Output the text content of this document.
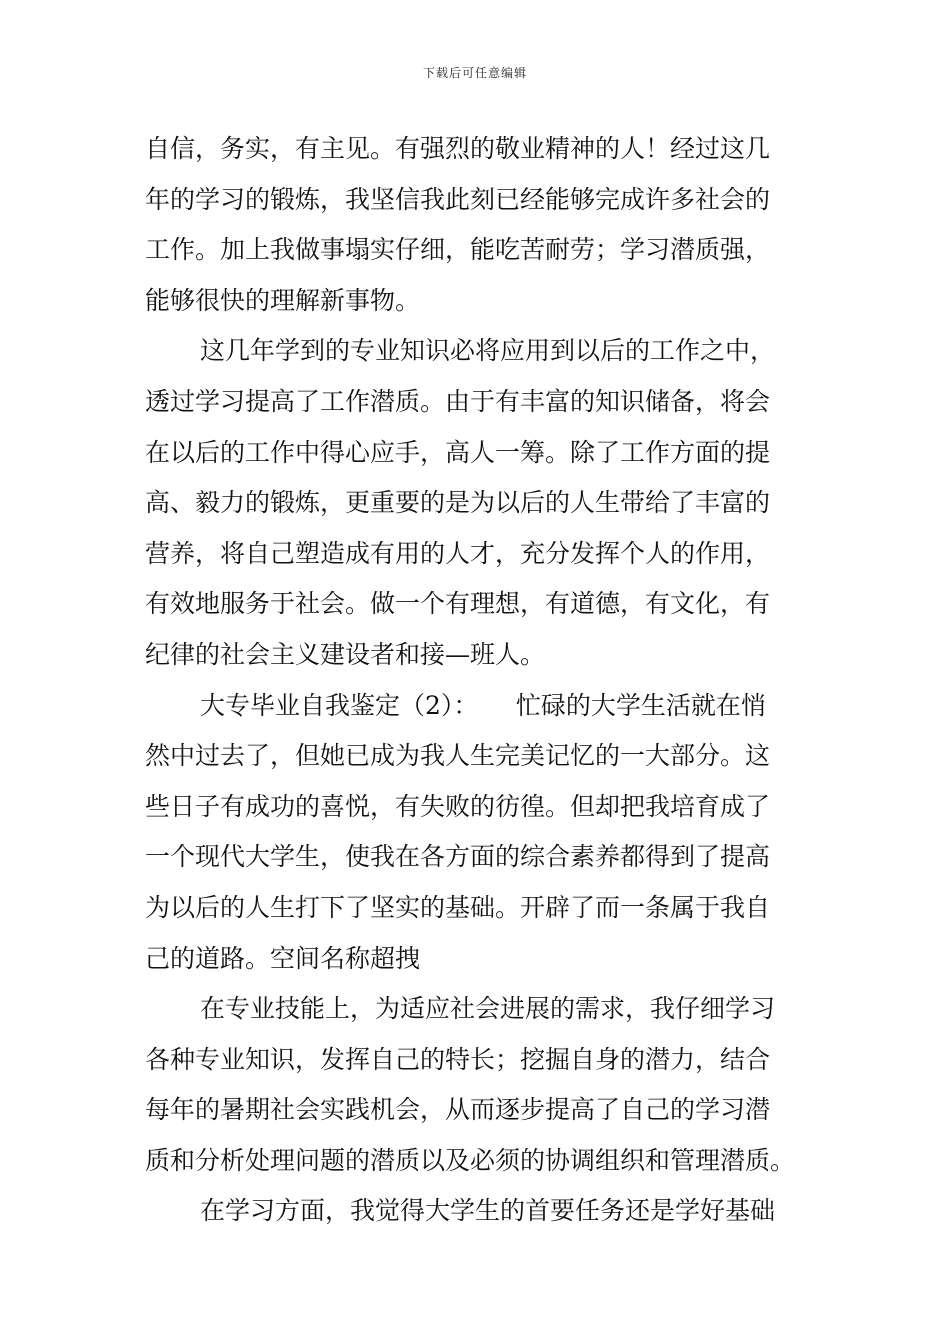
下载后可任意编辑
自信，务实，有主见。有强烈的敬业精神的人！经过这几
年的学习的锻炼，我坚信我此刻已经能够完成许多社会的
工作。加上我做事塌实仔细，能吃苦耐劳；学习潜质强，
能够很快的理解新事物。
这几年学到的专业知识必将应用到以后的工作之中，
透过学习提高了工作潜质。由于有丰富的知识储备，将会
在以后的工作中得心应手，高人一筹。除了工作方面的提
高、毅力的锻炼，更重要的是为以后的人生带给了丰富的
营养，将自己塑造成有用的人才，充分发挥个人的作用，
有效地服务于社会。做一个有理想，有道德，有文化，有
纪律的社会主义建设者和接—班人。
大专毕业自我鉴定（2）：　　忙碌的大学生活就在悄
然中过去了，但她已成为我人生完美记忆的一大部分。这
些日子有成功的喜悦，有失败的彷徨。但却把我培育成了
一个现代大学生，使我在各方面的综合素养都得到了提高
为以后的人生打下了坚实的基础。开辟了而一条属于我自
己的道路。空间名称超拽
在专业技能上，为适应社会进展的需求，我仔细学习
各种专业知识，发挥自己的特长；挖掘自身的潜力，结合
每年的暑期社会实践机会，从而逐步提高了自己的学习潜
质和分析处理问题的潜质以及必须的协调组织和管理潜质。
在学习方面，我觉得大学生的首要任务还是学好基础
